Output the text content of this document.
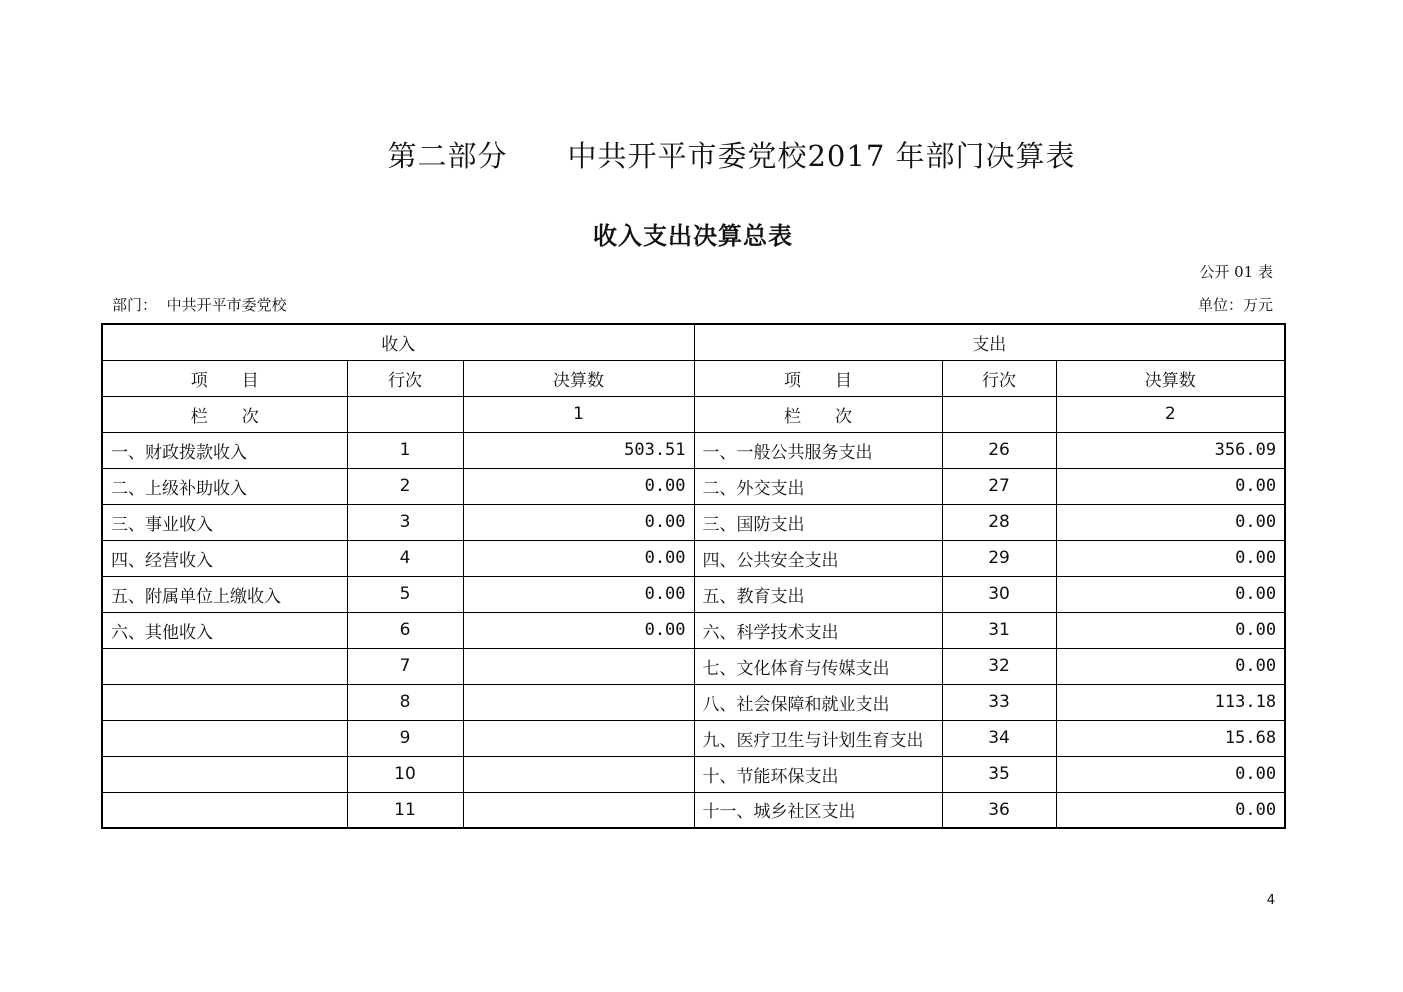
第二部分 中共开平市委党校2017 年部门决算表
收入支出决算总表
公开 01 表
部门： 中共开平市委党校	单位：万元
收入			支出		
项　　目	行次	决算数	项　　目	行次	决算数
栏　　次		1	栏　　次		2
一、财政拨款收入	1	503.51	一、一般公共服务支出	26	356.09
二、上级补助收入	2	0.00	二、外交支出	27	0.00
三、事业收入	3	0.00	三、国防支出	28	0.00
四、经营收入	4	0.00	四、公共安全支出	29	0.00
五、附属单位上缴收入	5	0.00	五、教育支出	30	0.00
六、其他收入	6	0.00	六、科学技术支出	31	0.00
	7		七、文化体育与传媒支出	32	0.00
	8		八、社会保障和就业支出	33	113.18
	9		九、医疗卫生与计划生育支出	34	15.68
	10		十、节能环保支出	35	0.00
	11		十一、城乡社区支出	36	0.00
4
